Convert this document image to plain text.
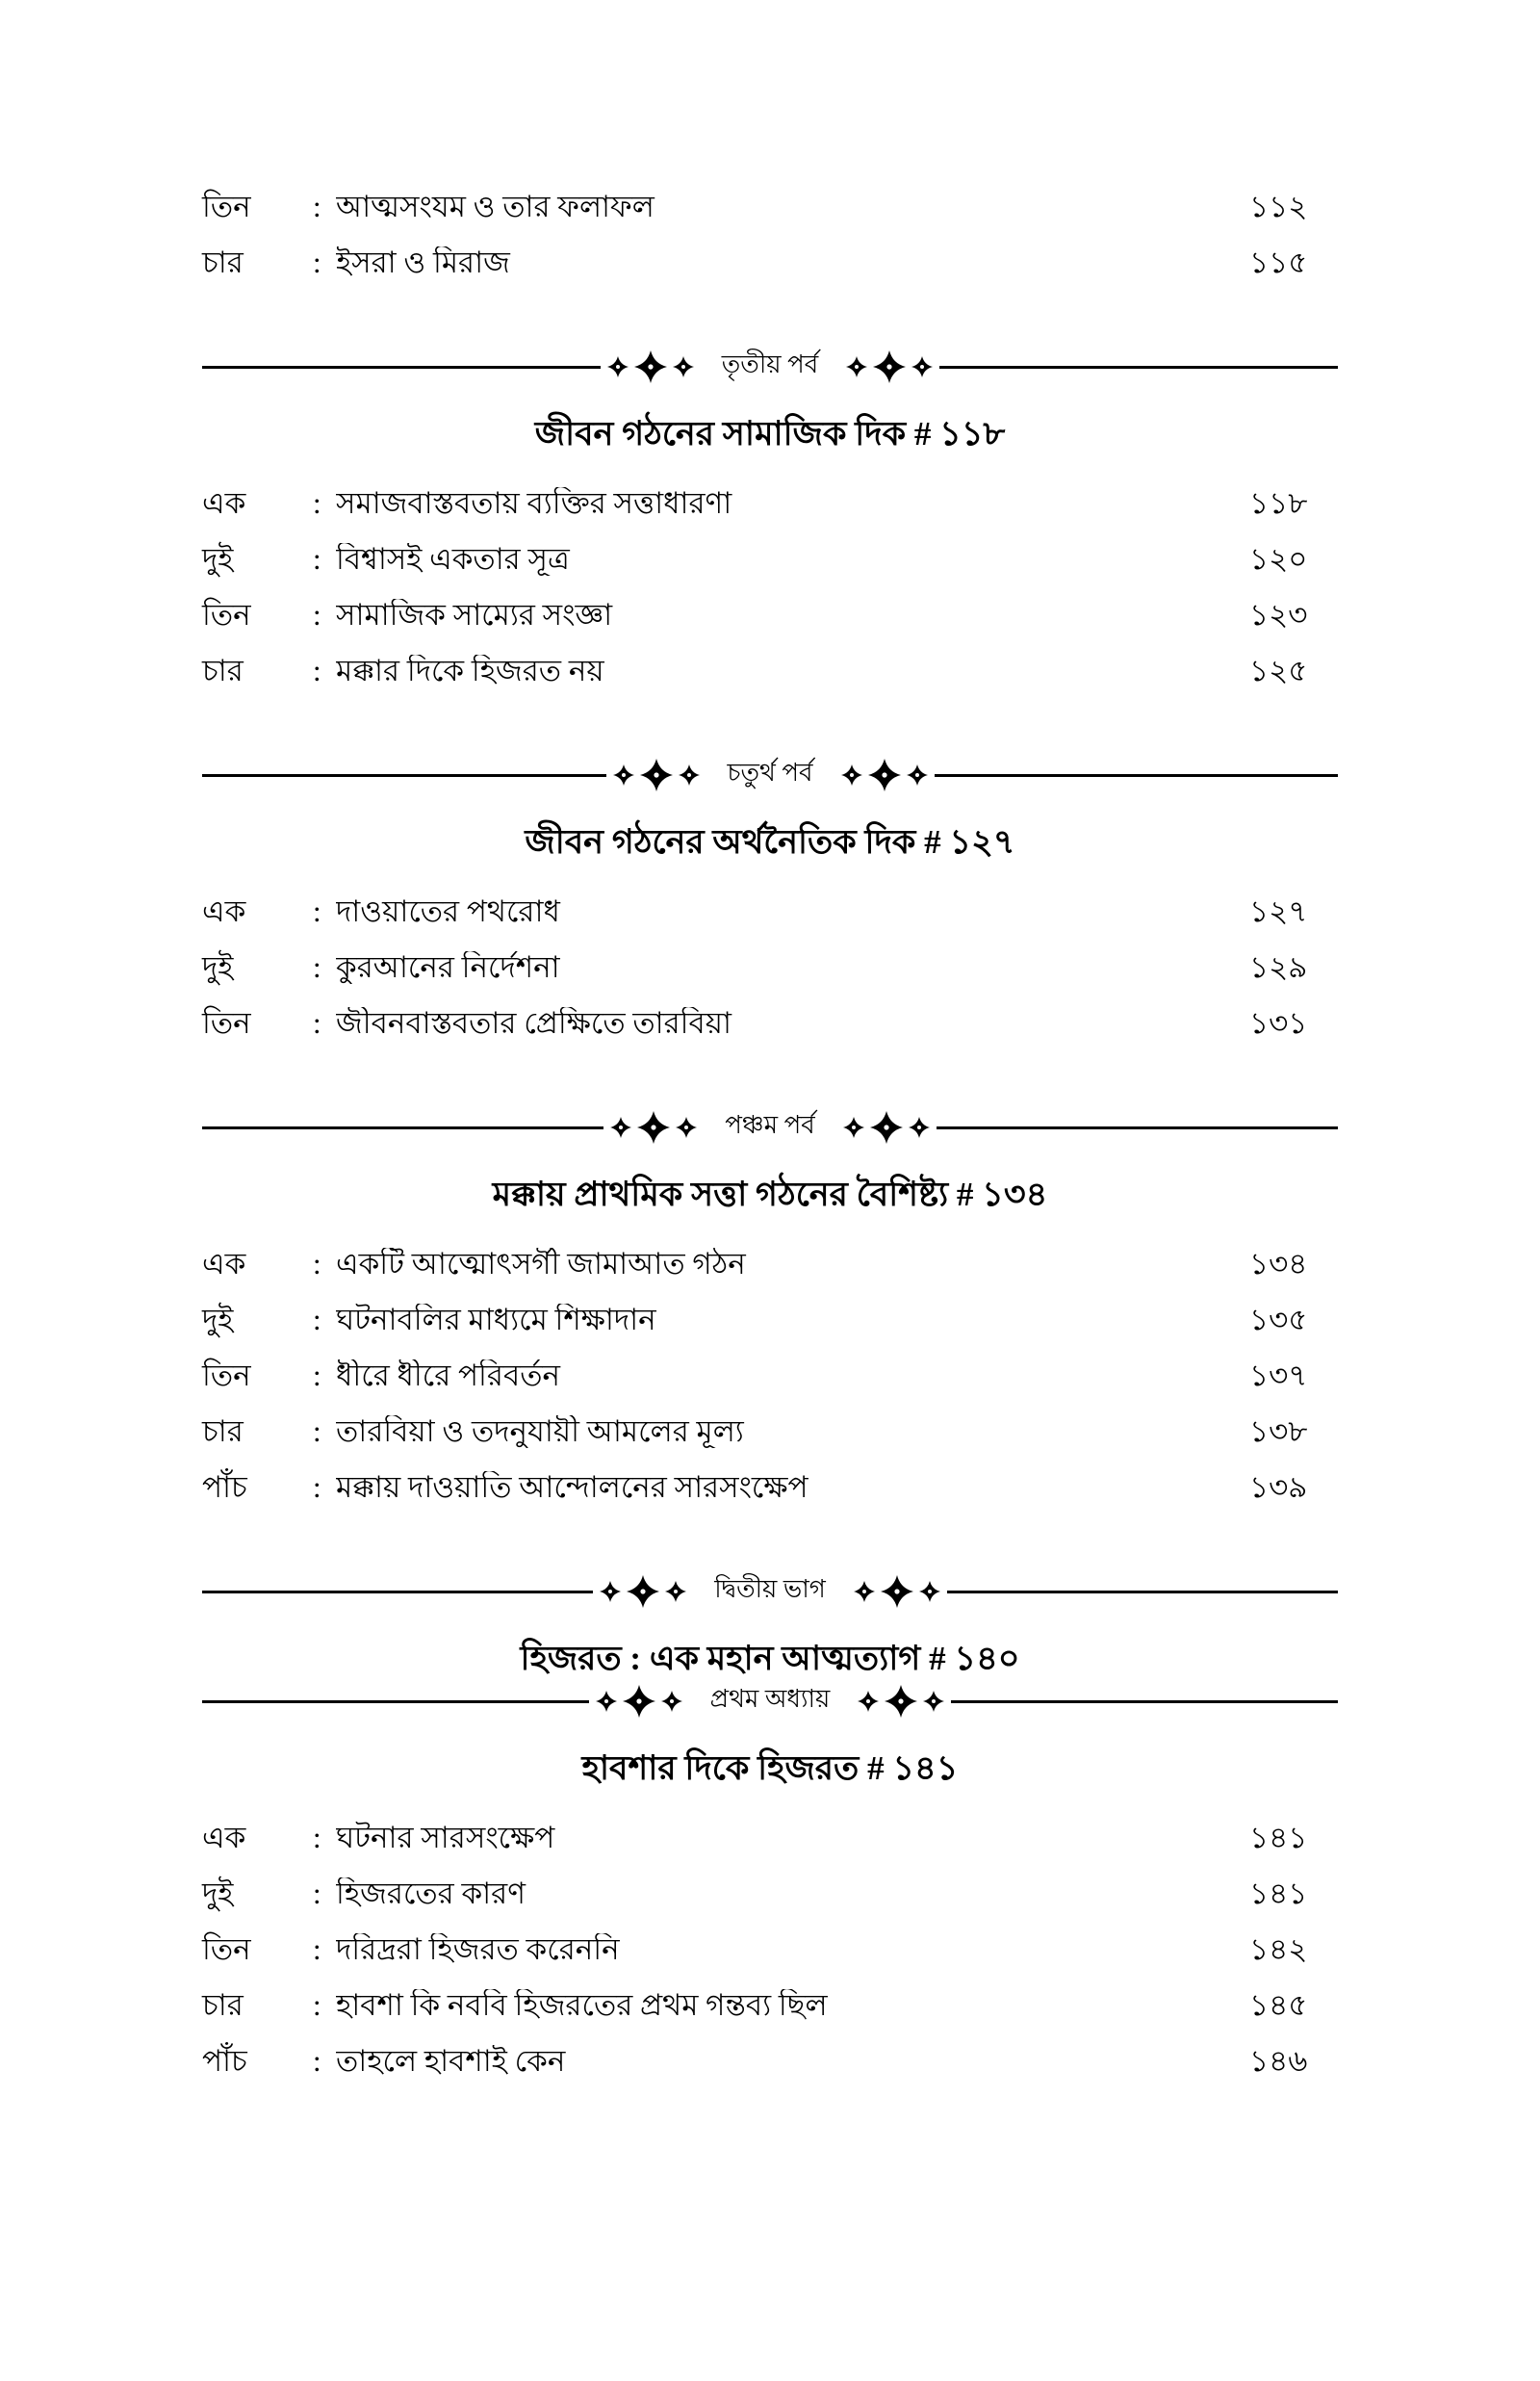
তিন	: আত্মসংযম ও তার ফলাফল	১১২
চার	: ইসরা ও মিরাজ	১১৫
তৃতীয় পর্ব
জীবন গঠনের সামাজিক দিক # ১১৮
এক	: সমাজবাস্তবতায় ব্যক্তির সত্তাধারণা	১১৮
দুই	: বিশ্বাসই একতার সূত্র	১২০
তিন	: সামাজিক সাম্যের সংজ্ঞা	১২৩
চার	: মক্কার দিকে হিজরত নয়	১২৫
চতুর্থ পর্ব
জীবন গঠনের অর্থনৈতিক দিক # ১২৭
এক	: দাওয়াতের পথরোধ	১২৭
দুই	: কুরআনের নির্দেশনা	১২৯
তিন	: জীবনবাস্তবতার প্রেক্ষিতে তারবিয়া	১৩১
পঞ্চম পর্ব
মক্কায় প্রাথমিক সত্তা গঠনের বৈশিষ্ট্য # ১৩৪
এক	: একটি আত্মোৎসর্গী জামাআত গঠন	১৩৪
দুই	: ঘটনাবলির মাধ্যমে শিক্ষাদান	১৩৫
তিন	: ধীরে ধীরে পরিবর্তন	১৩৭
চার	: তারবিয়া ও তদনুযায়ী আমলের মূল্য	১৩৮
পাঁচ	: মক্কায় দাওয়াতি আন্দোলনের সারসংক্ষেপ	১৩৯
দ্বিতীয় ভাগ
হিজরত : এক মহান আত্মত্যাগ # ১৪০
প্রথম অধ্যায়
হাবশার দিকে হিজরত # ১৪১
এক	: ঘটনার সারসংক্ষেপ	১৪১
দুই	: হিজরতের কারণ	১৪১
তিন	: দরিদ্ররা হিজরত করেননি	১৪২
চার	: হাবশা কি নববি হিজরতের প্রথম গন্তব্য ছিল	১৪৫
পাঁচ	: তাহলে হাবশাই কেন	১৪৬
